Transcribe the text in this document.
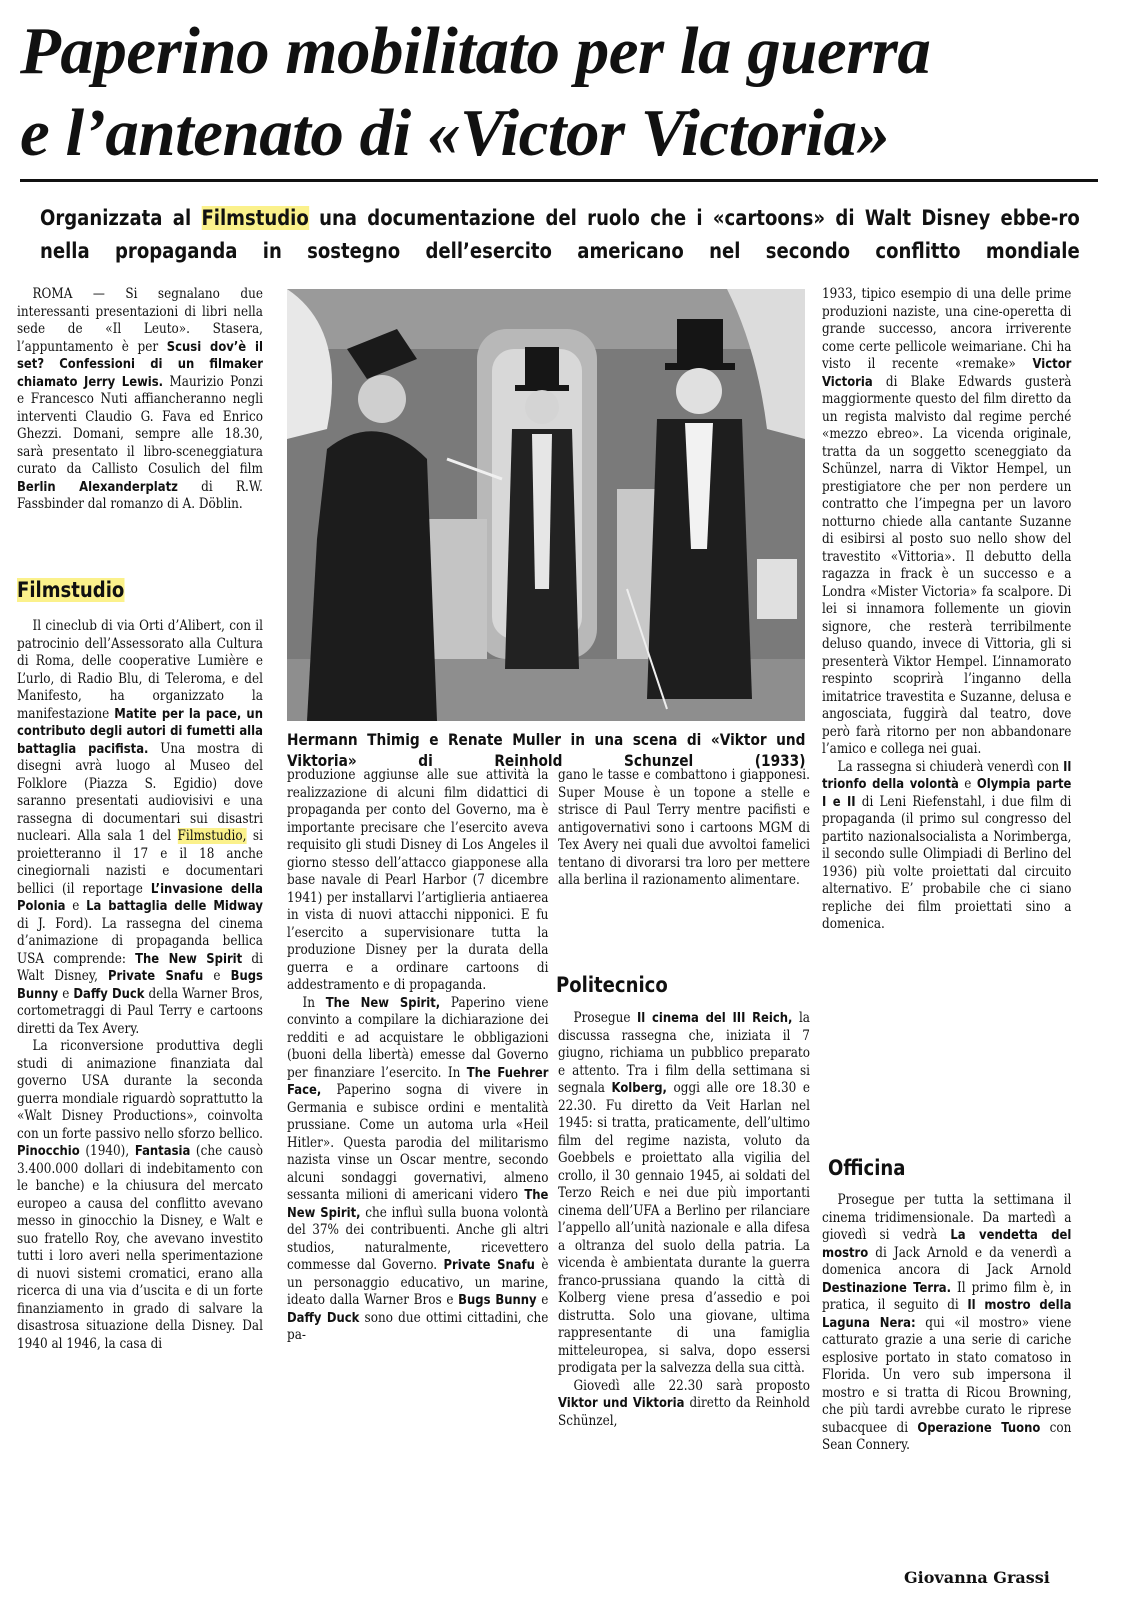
Paperino mobilitato per la guerra
e l’antenato di «Victor Victoria»
Organizzata al Filmstudio una documentazione del ruolo che i «cartoons» di Walt Disney ebbe-ro nella propaganda in sostegno dell’esercito americano nel secondo conflitto mondiale

ROMA — Si segnalano due interessanti presentazioni di libri nella sede de «Il Leuto». Stasera, l’appuntamento è per Scusi dov’è il set? Confessioni di un filmaker chiamato Jerry Lewis. Maurizio Ponzi e Francesco Nuti affiancheranno negli interventi Claudio G. Fava ed Enrico Ghezzi. Domani, sempre alle 18.30, sarà presentato il libro-sceneggiatura curato da Callisto Cosulich del film Berlin Alexanderplatz di R.W. Fassbinder dal romanzo di A. Döblin.

Filmstudio

Il cineclub di via Orti d’Alibert, con il patrocinio dell’Assessorato alla Cultura di Roma, delle cooperative Lumière e L’urlo, di Radio Blu, di Teleroma, e del Manifesto, ha organizzato la manifestazione Matite per la pace, un contributo degli autori di fumetti alla battaglia pacifista. Una mostra di disegni avrà luogo al Museo del Folklore (Piazza S. Egidio) dove saranno presentati audiovisivi e una rassegna di documentari sui disastri nucleari. Alla sala 1 del Filmstudio, si proietteranno il 17 e il 18 anche cinegiornali nazisti e documentari bellici (il reportage L’invasione della Polonia e La battaglia delle Midway di J. Ford). La rassegna del cinema d’animazione di propaganda bellica USA comprende: The New Spirit di Walt Disney, Private Snafu e Bugs Bunny e Daffy Duck della Warner Bros, cortometraggi di Paul Terry e cartoons diretti da Tex Avery.

La riconversione produttiva degli studi di animazione finanziata dal governo USA durante la seconda guerra mondiale riguardò soprattutto la «Walt Disney Productions», coinvolta con un forte passivo nello sforzo bellico. Pinocchio (1940), Fantasia (che causò 3.400.000 dollari di indebitamento con le banche) e la chiusura del mercato europeo a causa del conflitto avevano messo in ginocchio la Disney, e Walt e suo fratello Roy, che avevano investito tutti i loro averi nella sperimentazione di nuovi sistemi cromatici, erano alla ricerca di una via d’uscita e di un forte finanziamento in grado di salvare la disastrosa situazione della Disney. Dal 1940 al 1946, la casa di

Hermann Thimig e Renate Muller in una scena di «Viktor und Viktoria» di Reinhold Schunzel (1933)

produzione aggiunse alle sue attività la realizzazione di alcuni film didattici di propaganda per conto del Governo, ma è importante precisare che l’esercito aveva requisito gli studi Disney di Los Angeles il giorno stesso dell’attacco giapponese alla base navale di Pearl Harbor (7 dicembre 1941) per installarvi l’artiglieria antiaerea in vista di nuovi attacchi nipponici. E fu l’esercito a supervisionare tutta la produzione Disney per la durata della guerra e a ordinare cartoons di addestramento e di propaganda.

In The New Spirit, Paperino viene convinto a compilare la dichiarazione dei redditi e ad acquistare le obbligazioni (buoni della libertà) emesse dal Governo per finanziare l’esercito. In The Fuehrer Face, Paperino sogna di vivere in Germania e subisce ordini e mentalità prussiane. Come un automa urla «Heil Hitler». Questa parodia del militarismo nazista vinse un Oscar mentre, secondo alcuni sondaggi governativi, almeno sessanta milioni di americani videro The New Spirit, che influì sulla buona volontà del 37% dei contribuenti. Anche gli altri studios, naturalmente, ricevettero commesse dal Governo. Private Snafu è un personaggio educativo, un marine, ideato dalla Warner Bros e Bugs Bunny e Daffy Duck sono due ottimi cittadini, che pa-

gano le tasse e combattono i giapponesi. Super Mouse è un topone a stelle e strisce di Paul Terry mentre pacifisti e antigovernativi sono i cartoons MGM di Tex Avery nei quali due avvoltoi famelici tentano di divorarsi tra loro per mettere alla berlina il razionamento alimentare.

Politecnico

Prosegue Il cinema del III Reich, la discussa rassegna che, iniziata il 7 giugno, richiama un pubblico preparato e attento. Tra i film della settimana si segnala Kolberg, oggi alle ore 18.30 e 22.30. Fu diretto da Veit Harlan nel 1945: si tratta, praticamente, dell’ultimo film del regime nazista, voluto da Goebbels e proiettato alla vigilia del crollo, il 30 gennaio 1945, ai soldati del Terzo Reich e nei due più importanti cinema dell’UFA a Berlino per rilanciare l’appello all’unità nazionale e alla difesa a oltranza del suolo della patria. La vicenda è ambientata durante la guerra franco-prussiana quando la città di Kolberg viene presa d’assedio e poi distrutta. Solo una giovane, ultima rappresentante di una famiglia mitteleuropea, si salva, dopo essersi prodigata per la salvezza della sua città.

Giovedì alle 22.30 sarà proposto Viktor und Viktoria diretto da Reinhold Schünzel,

1933, tipico esempio di una delle prime produzioni naziste, una cine-operetta di grande successo, ancora irriverente come certe pellicole weimariane. Chi ha visto il recente «remake» Victor Victoria di Blake Edwards gusterà maggiormente questo del film diretto da un regista malvisto dal regime perché «mezzo ebreo». La vicenda originale, tratta da un soggetto sceneggiato da Schünzel, narra di Viktor Hempel, un prestigiatore che per non perdere un contratto che l’impegna per un lavoro notturno chiede alla cantante Suzanne di esibirsi al posto suo nello show del travestito «Vittoria». Il debutto della ragazza in frack è un successo e a Londra «Mister Victoria» fa scalpore. Di lei si innamora follemente un giovin signore, che resterà terribilmente deluso quando, invece di Vittoria, gli si presenterà Viktor Hempel. L’innamorato respinto scoprirà l’inganno della imitatrice travestita e Suzanne, delusa e angosciata, fuggirà dal teatro, dove però farà ritorno per non abbandonare l’amico e collega nei guai.

La rassegna si chiuderà venerdì con Il trionfo della volontà e Olympia parte I e II di Leni Riefenstahl, i due film di propaganda (il primo sul congresso del partito nazionalsocialista a Norimberga, il secondo sulle Olimpiadi di Berlino del 1936) più volte proiettati dal circuito alternativo. E’ probabile che ci siano repliche dei film proiettati sino a domenica.

Officina

Prosegue per tutta la settimana il cinema tridimensionale. Da martedì a giovedì si vedrà La vendetta del mostro di Jack Arnold e da venerdì a domenica ancora di Jack Arnold Destinazione Terra. Il primo film è, in pratica, il seguito di Il mostro della Laguna Nera: qui «il mostro» viene catturato grazie a una serie di cariche esplosive portato in stato comatoso in Florida. Un vero sub impersona il mostro e si tratta di Ricou Browning, che più tardi avrebbe curato le riprese subacquee di Operazione Tuono con Sean Connery.

Giovanna Grassi
